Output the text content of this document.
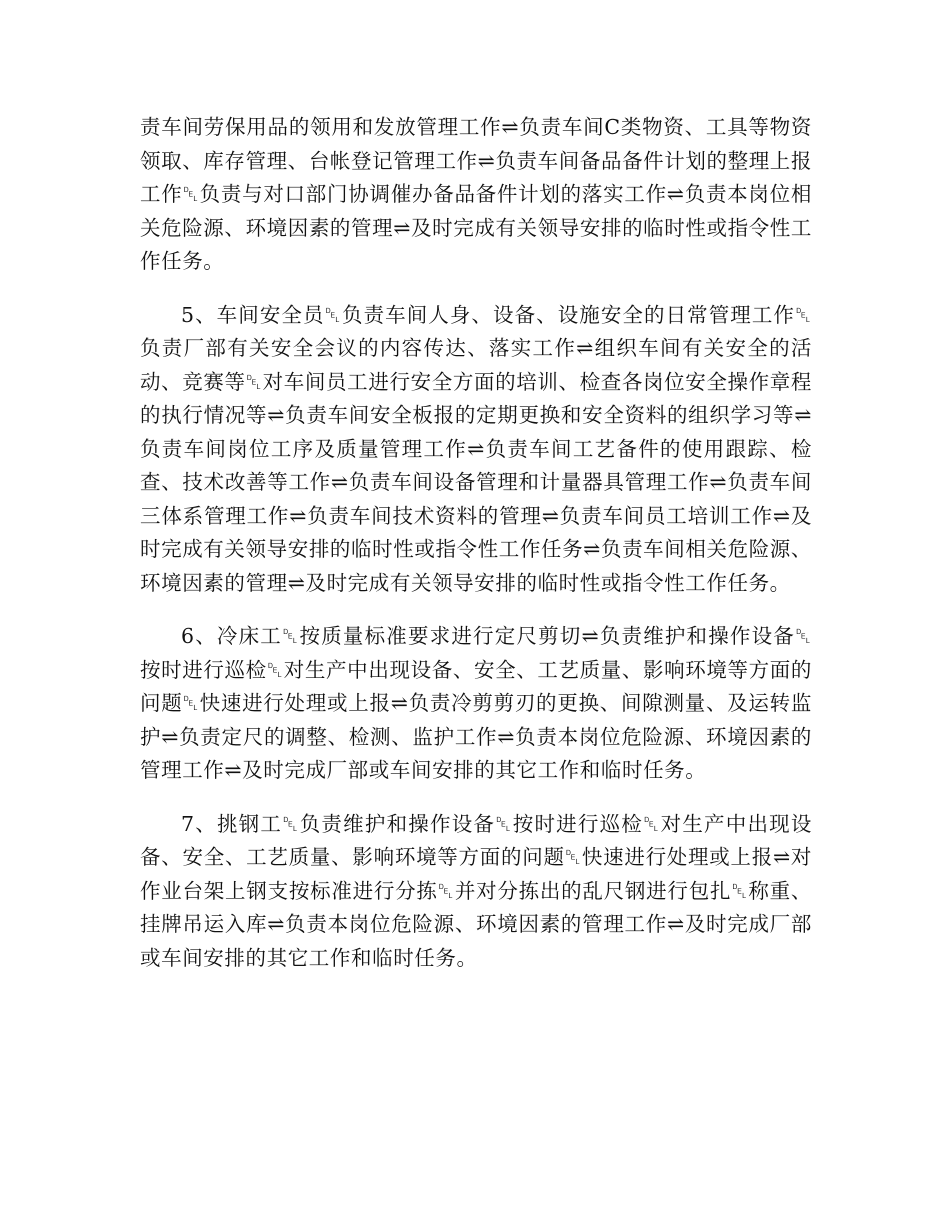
责车间劳保用品的领用和发放管理工作⇌负责车间C类物资、工具等物资领取、库存管理、台帐登记管理工作⇌负责车间备品备件计划的整理上报工作␡负责与对口部门协调催办备品备件计划的落实工作⇌负责本岗位相关危险源、环境因素的管理⇌及时完成有关领导安排的临时性或指令性工作任务。

5、车间安全员␡负责车间人身、设备、设施安全的日常管理工作␡负责厂部有关安全会议的内容传达、落实工作⇌组织车间有关安全的活动、竞赛等␡对车间员工进行安全方面的培训、检查各岗位安全操作章程的执行情况等⇌负责车间安全板报的定期更换和安全资料的组织学习等⇌负责车间岗位工序及质量管理工作⇌负责车间工艺备件的使用跟踪、检查、技术改善等工作⇌负责车间设备管理和计量器具管理工作⇌负责车间三体系管理工作⇌负责车间技术资料的管理⇌负责车间员工培训工作⇌及时完成有关领导安排的临时性或指令性工作任务⇌负责车间相关危险源、环境因素的管理⇌及时完成有关领导安排的临时性或指令性工作任务。

6、冷床工␡按质量标准要求进行定尺剪切⇌负责维护和操作设备␡按时进行巡检␡对生产中出现设备、安全、工艺质量、影响环境等方面的问题␡快速进行处理或上报⇌负责冷剪剪刃的更换、间隙测量、及运转监护⇌负责定尺的调整、检测、监护工作⇌负责本岗位危险源、环境因素的管理工作⇌及时完成厂部或车间安排的其它工作和临时任务。

7、挑钢工␡负责维护和操作设备␡按时进行巡检␡对生产中出现设备、安全、工艺质量、影响环境等方面的问题␡快速进行处理或上报⇌对作业台架上钢支按标准进行分拣␡并对分拣出的乱尺钢进行包扎␡称重、挂牌吊运入库⇌负责本岗位危险源、环境因素的管理工作⇌及时完成厂部或车间安排的其它工作和临时任务。
